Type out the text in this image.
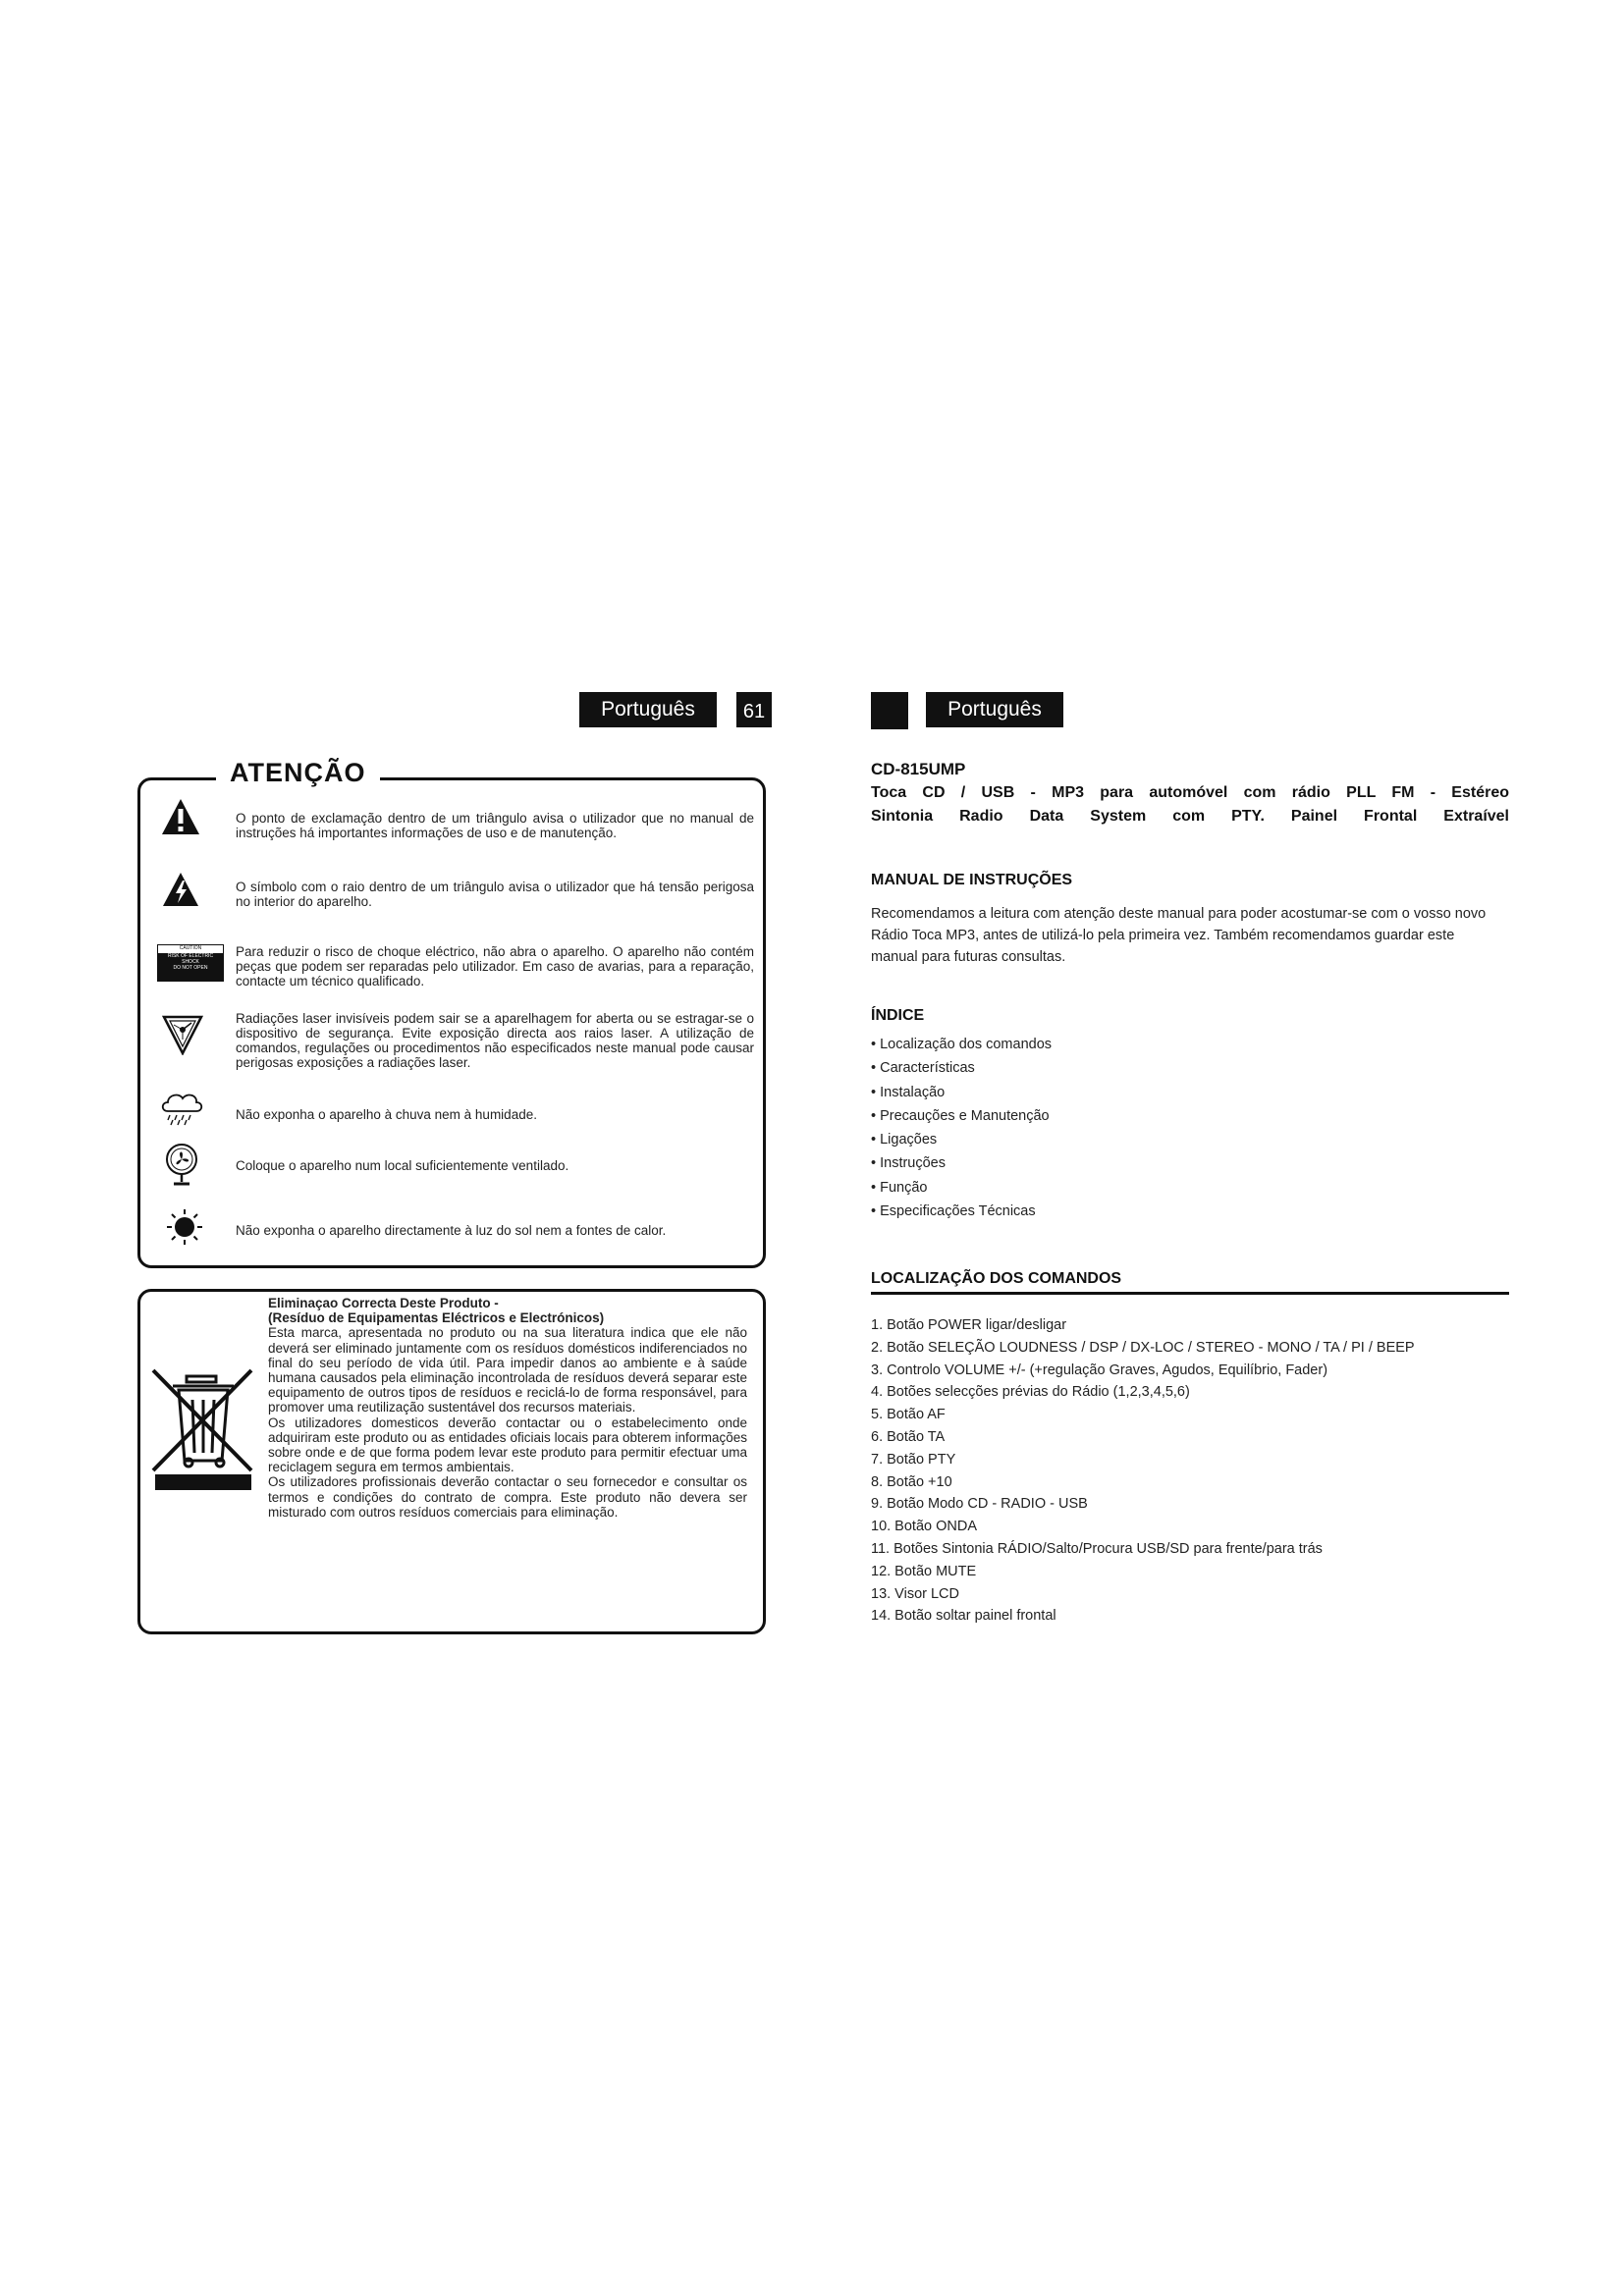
Português	61	Português
ATENÇÃO
O ponto de exclamação dentro de um triângulo avisa o utilizador que no manual de instruções há importantes informações de uso e de manutenção.
O símbolo com o raio dentro de um triângulo avisa o utilizador que há tensão perigosa no interior do aparelho.
CAUTION
RISK OF ELECTRIC
SHOCK
DO NOT OPEN
Para reduzir o risco de choque eléctrico, não abra o aparelho. O aparelho não contém peças que podem ser reparadas pelo utilizador. Em caso de avarias, para a reparação, contacte um técnico qualificado.
Radiações laser invisíveis podem sair se a aparelhagem for aberta ou se estragar-se o dispositivo de segurança. Evite exposição directa aos raios laser. A utilização de comandos, regulações ou procedimentos não especificados neste manual pode causar perigosas exposições a radiações laser.
Não exponha o aparelho à chuva nem à humidade.
Coloque o aparelho num local suficientemente ventilado.
Não exponha o aparelho directamente à luz do sol nem a fontes de calor.
Eliminaçao Correcta Deste Produto -
(Resíduo de Equipamentas Eléctricos e Electrónicos)
Esta marca, apresentada no produto ou na sua literatura indica que ele não deverá ser eliminado juntamente com os resíduos domésticos indiferenciados no final do seu período de vida útil. Para impedir danos ao ambiente e à saúde humana causados pela eliminação incontrolada de resíduos deverá separar este equipamento de outros tipos de resíduos e reciclá-lo de forma responsável, para promover uma reutilização sustentável dos recursos materiais.
Os utilizadores domesticos deverão contactar ou o estabelecimento onde adquiriram este produto ou as entidades oficiais locais para obterem informações sobre onde e de que forma podem levar este produto para permitir efectuar uma reciclagem segura em termos ambientais.
Os utilizadores profissionais deverão contactar o seu fornecedor e consultar os termos e condições do contrato de compra. Este produto não devera ser misturado com outros resíduos comerciais para eliminação.
CD-815UMP
Toca CD / USB - MP3 para automóvel com rádio PLL FM - Estéreo
Sintonia Radio Data System com PTY. Painel Frontal Extraível
MANUAL DE INSTRUÇÕES
Recomendamos a leitura com atenção deste manual para poder acostumar-se com o vosso novo Rádio Toca MP3, antes de utilizá-lo pela primeira vez. Também recomendamos guardar este manual para futuras consultas.
ÍNDICE
• Localização dos comandos
• Características
• Instalação
• Precauções e Manutenção
• Ligações
• Instruções
• Função
• Especificações Técnicas
LOCALIZAÇÃO DOS COMANDOS
1. Botão POWER ligar/desligar
2. Botão SELEÇÃO LOUDNESS / DSP / DX-LOC / STEREO - MONO / TA / PI / BEEP
3. Controlo VOLUME +/- (+regulação Graves, Agudos, Equilíbrio, Fader)
4. Botões selecções prévias do Rádio (1,2,3,4,5,6)
5. Botão AF
6. Botão TA
7. Botão PTY
8. Botão +10
9. Botão Modo CD - RADIO - USB
10. Botão ONDA
11. Botões Sintonia RÁDIO/Salto/Procura USB/SD para frente/para trás
12. Botão MUTE
13. Visor LCD
14. Botão soltar painel frontal
